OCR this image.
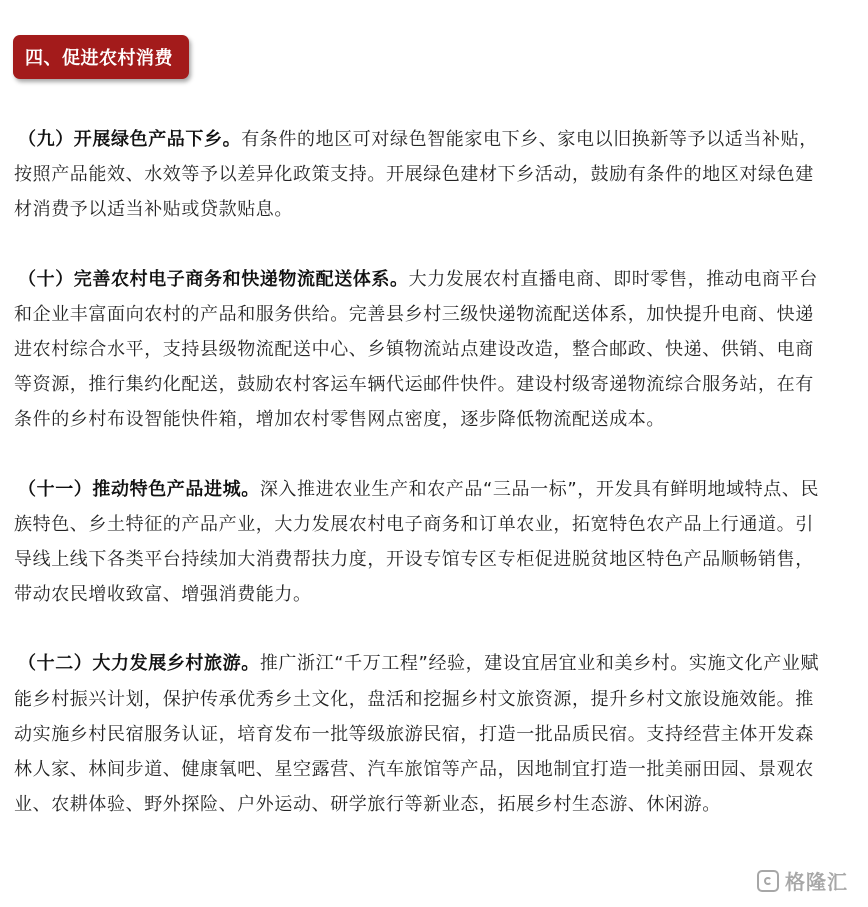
四、促进农村消费

（九）开展绿色产品下乡。有条件的地区可对绿色智能家电下乡、家电以旧换新等予以适当补贴，按照产品能效、水效等予以差异化政策支持。开展绿色建材下乡活动，鼓励有条件的地区对绿色建材消费予以适当补贴或贷款贴息。

（十）完善农村电子商务和快递物流配送体系。大力发展农村直播电商、即时零售，推动电商平台和企业丰富面向农村的产品和服务供给。完善县乡村三级快递物流配送体系，加快提升电商、快递进农村综合水平，支持县级物流配送中心、乡镇物流站点建设改造，整合邮政、快递、供销、电商等资源，推行集约化配送，鼓励农村客运车辆代运邮件快件。建设村级寄递物流综合服务站，在有条件的乡村布设智能快件箱，增加农村零售网点密度，逐步降低物流配送成本。

（十一）推动特色产品进城。深入推进农业生产和农产品“三品一标”，开发具有鲜明地域特点、民族特色、乡土特征的产品产业，大力发展农村电子商务和订单农业，拓宽特色农产品上行通道。引导线上线下各类平台持续加大消费帮扶力度，开设专馆专区专柜促进脱贫地区特色产品顺畅销售，带动农民增收致富、增强消费能力。

（十二）大力发展乡村旅游。推广浙江“千万工程”经验，建设宜居宜业和美乡村。实施文化产业赋能乡村振兴计划，保护传承优秀乡土文化，盘活和挖掘乡村文旅资源，提升乡村文旅设施效能。推动实施乡村民宿服务认证，培育发布一批等级旅游民宿，打造一批品质民宿。支持经营主体开发森林人家、林间步道、健康氧吧、星空露营、汽车旅馆等产品，因地制宜打造一批美丽田园、景观农业、农耕体验、野外探险、户外运动、研学旅行等新业态，拓展乡村生态游、休闲游。

格隆汇
